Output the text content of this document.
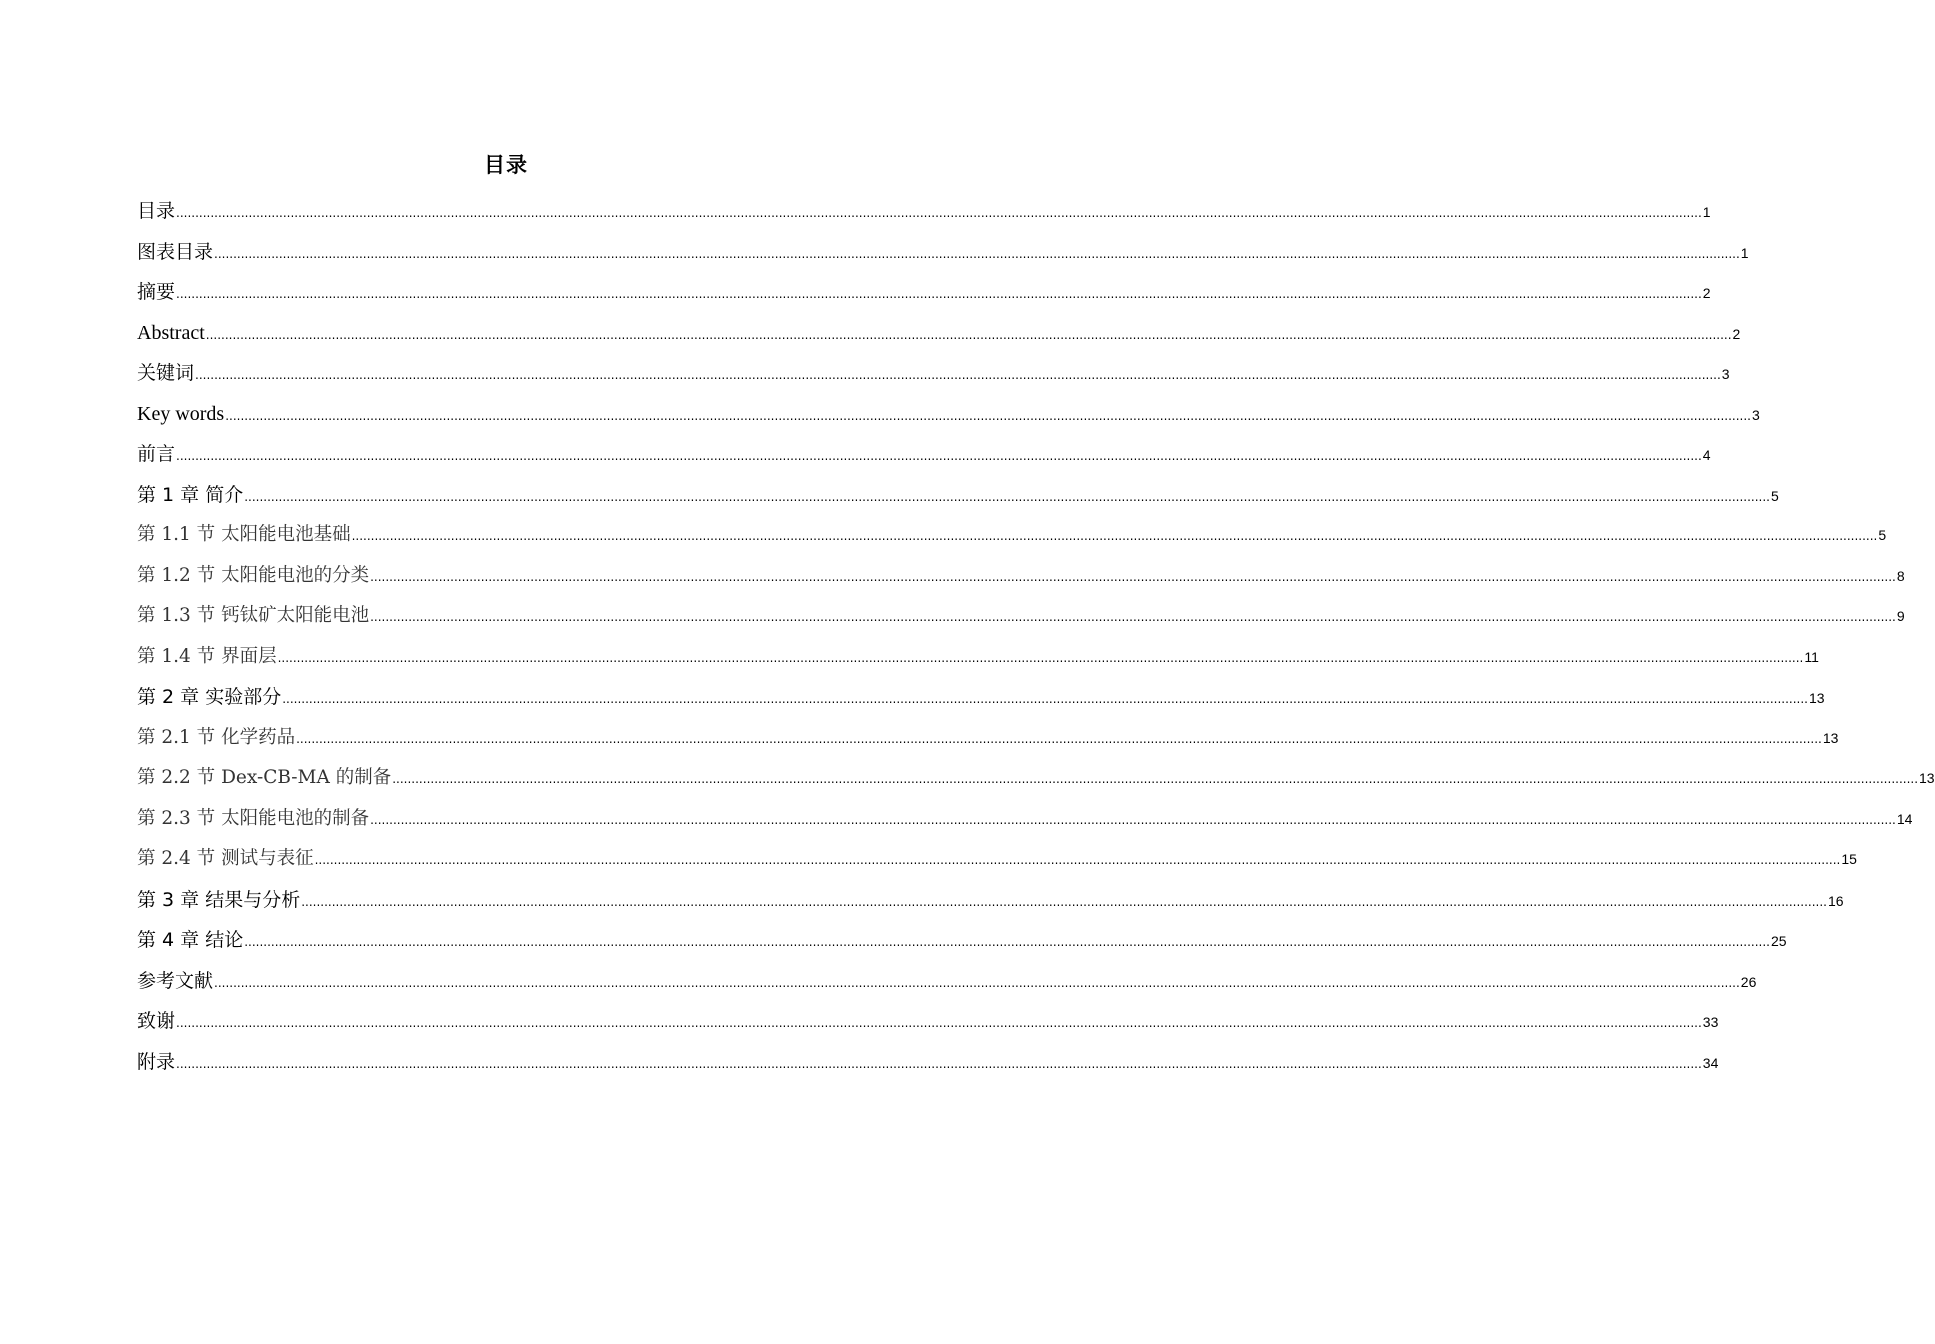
目录
目录 ................................................................................................................................................................................................................................................................................................................................................................................................................ 1
图表目录 ................................................................................................................................................................................................................................................................................................................................................................................................................ 1
摘要 ................................................................................................................................................................................................................................................................................................................................................................................................................ 2
Abstract ................................................................................................................................................................................................................................................................................................................................................................................................................ 2
关键词 ................................................................................................................................................................................................................................................................................................................................................................................................................ 3
Key words ................................................................................................................................................................................................................................................................................................................................................................................................................ 3
前言 ................................................................................................................................................................................................................................................................................................................................................................................................................ 4
第 1 章 简介 ................................................................................................................................................................................................................................................................................................................................................................................................................ 5
第 1.1 节 太阳能电池基础 ................................................................................................................................................................................................................................................................................................................................................................................................................ 5
第 1.2 节 太阳能电池的分类 ................................................................................................................................................................................................................................................................................................................................................................................................................ 8
第 1.3 节 钙钛矿太阳能电池 ................................................................................................................................................................................................................................................................................................................................................................................................................ 9
第 1.4 节 界面层 ................................................................................................................................................................................................................................................................................................................................................................................................................ 11
第 2 章 实验部分 ................................................................................................................................................................................................................................................................................................................................................................................................................ 13
第 2.1 节 化学药品 ................................................................................................................................................................................................................................................................................................................................................................................................................ 13
第 2.2 节 Dex-CB-MA 的制备 ................................................................................................................................................................................................................................................................................................................................................................................................................ 13
第 2.3 节 太阳能电池的制备 ................................................................................................................................................................................................................................................................................................................................................................................................................ 14
第 2.4 节 测试与表征 ................................................................................................................................................................................................................................................................................................................................................................................................................ 15
第 3 章 结果与分析 ................................................................................................................................................................................................................................................................................................................................................................................................................ 16
第 4 章 结论 ................................................................................................................................................................................................................................................................................................................................................................................................................ 25
参考文献 ................................................................................................................................................................................................................................................................................................................................................................................................................ 26
致谢 ................................................................................................................................................................................................................................................................................................................................................................................................................ 33
附录 ................................................................................................................................................................................................................................................................................................................................................................................................................ 34
